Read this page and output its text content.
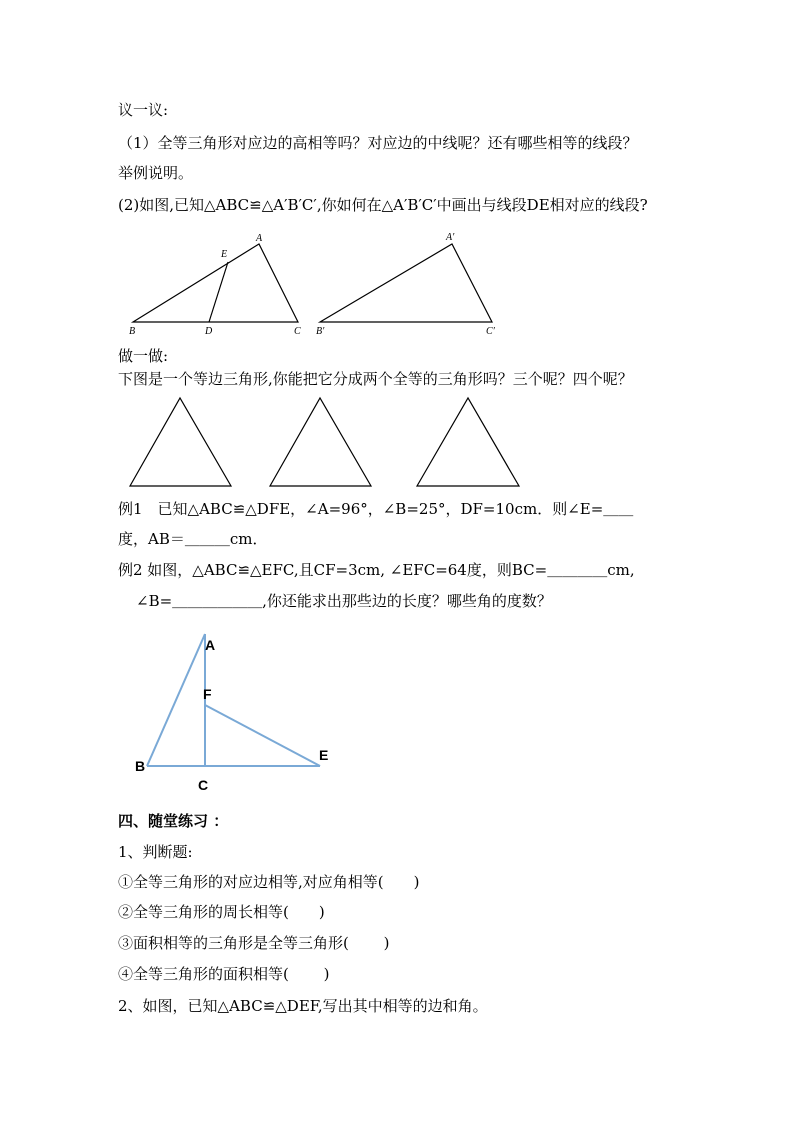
议一议:
（1）全等三角形对应边的高相等吗？对应边的中线呢？还有哪些相等的线段？
举例说明。
(2)如图,已知△ABC≌△A′B′C′,你如何在△A′B′C′中画出与线段DE相对应的线段?
A
E
B	D	C
A′
B′	C′
A
F
B
C
E
做一做:
下图是一个等边三角形,你能把它分成两个全等的三角形吗？三个呢？四个呢？
例1　已知△ABC≌△DFE，∠A=96°，∠B=25°，DF=10cm．则∠E=＿＿
度，AB＝＿＿＿cm．
例2 如图，△ABC≌△EFC,且CF=3cm, ∠EFC=64度，则BC=＿＿＿＿cm,
∠B=＿＿＿＿＿＿,你还能求出那些边的长度？哪些角的度数？
四、随堂练习 ：
1、判断题:
①全等三角形的对应边相等,对应角相等(　　)
②全等三角形的周长相等(　　)
③面积相等的三角形是全等三角形(　　 )
④全等三角形的面积相等(　　 )
2、如图，已知△ABC≌△DEF,写出其中相等的边和角。
